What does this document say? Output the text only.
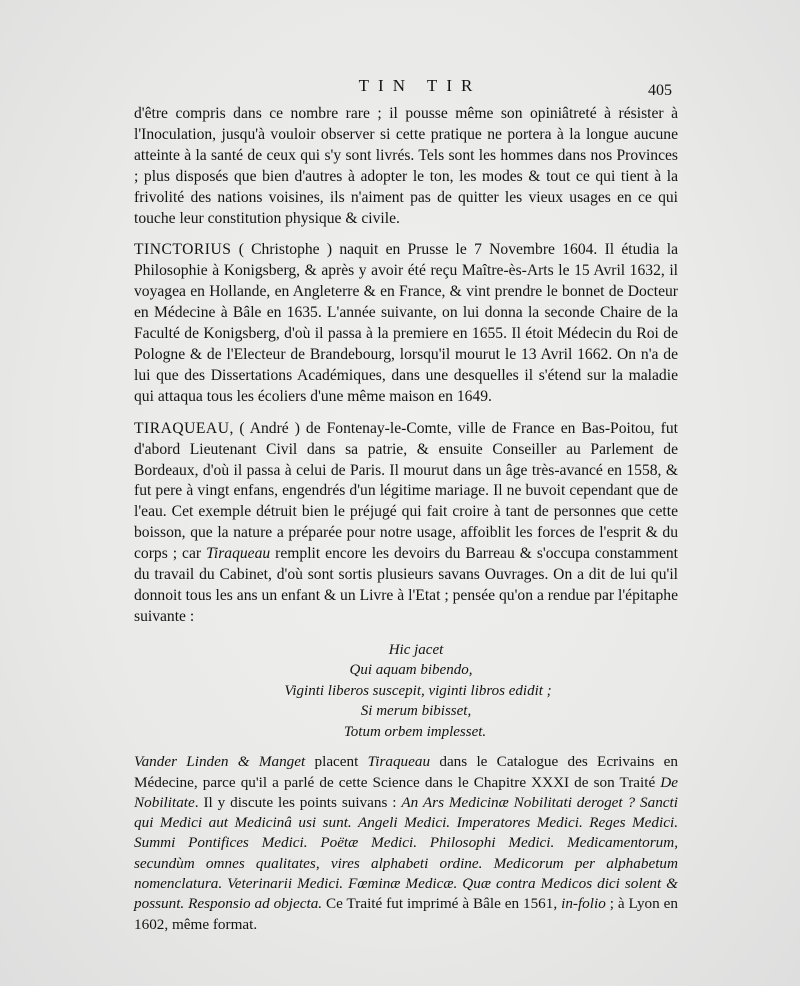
TIN TIR	405

d'être compris dans ce nombre rare ; il pousse même son opiniâtreté à résister à l'Inoculation, jusqu'à vouloir observer si cette pratique ne portera à la longue aucune atteinte à la santé de ceux qui s'y sont livrés. Tels sont les hommes dans nos Provinces ; plus disposés que bien d'autres à adopter le ton, les modes & tout ce qui tient à la frivolité des nations voisines, ils n'aiment pas de quitter les vieux usages en ce qui touche leur constitution physique & civile.

TINCTORIUS ( Christophe ) naquit en Prusse le 7 Novembre 1604. Il étudia la Philosophie à Konigsberg, & après y avoir été reçu Maître-ès-Arts le 15 Avril 1632, il voyagea en Hollande, en Angleterre & en France, & vint prendre le bonnet de Docteur en Médecine à Bâle en 1635. L'année suivante, on lui donna la seconde Chaire de la Faculté de Konigsberg, d'où il passa à la premiere en 1655. Il étoit Médecin du Roi de Pologne & de l'Electeur de Brandebourg, lorsqu'il mourut le 13 Avril 1662. On n'a de lui que des Dissertations Académiques, dans une desquelles il s'étend sur la maladie qui attaqua tous les écoliers d'une même maison en 1649.

TIRAQUEAU, ( André ) de Fontenay-le-Comte, ville de France en Bas-Poitou, fut d'abord Lieutenant Civil dans sa patrie, & ensuite Conseiller au Parlement de Bordeaux, d'où il passa à celui de Paris. Il mourut dans un âge très-avancé en 1558, & fut pere à vingt enfans, engendrés d'un légitime mariage. Il ne buvoit cependant que de l'eau. Cet exemple détruit bien le préjugé qui fait croire à tant de personnes que cette boisson, que la nature a préparée pour notre usage, affoiblit les forces de l'esprit & du corps ; car Tiraqueau remplit encore les devoirs du Barreau & s'occupa constamment du travail du Cabinet, d'où sont sortis plusieurs savans Ouvrages. On a dit de lui qu'il donnoit tous les ans un enfant & un Livre à l'Etat ; pensée qu'on a rendue par l'épitaphe suivante :

Hic jacet
Qui aquam bibendo,
Viginti liberos suscepit, viginti libros edidit ;
Si merum bibisset,
Totum orbem implesset.

Vander Linden & Manget placent Tiraqueau dans le Catalogue des Ecrivains en Médecine, parce qu'il a parlé de cette Science dans le Chapitre XXXI de son Traité De Nobilitate. Il y discute les points suivans : An Ars Medicinæ Nobilitati deroget ? Sancti qui Medici aut Medicinâ usi sunt. Angeli Medici. Imperatores Medici. Reges Medici. Summi Pontifices Medici. Poëtæ Medici. Philosophi Medici. Medicamentorum, secundùm omnes qualitates, vires alphabeti ordine. Medicorum per alphabetum nomenclatura. Veterinarii Medici. Fœminæ Medicæ. Quæ contra Medicos dici solent & possunt. Responsio ad objecta. Ce Traité fut imprimé à Bâle en 1561, in-folio ; à Lyon en 1602, même format.
